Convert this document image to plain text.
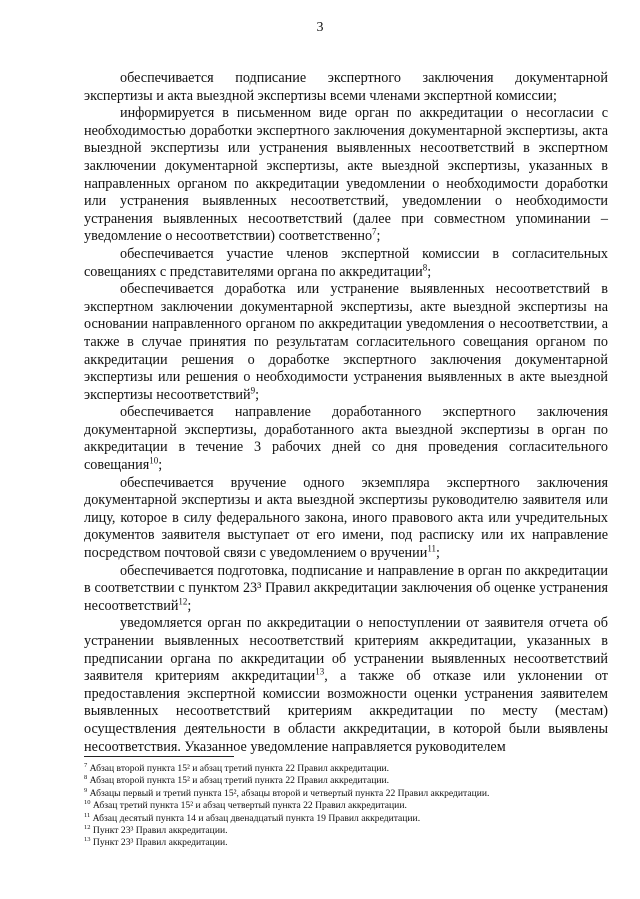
3

обеспечивается подписание экспертного заключения документарной экспертизы и акта выездной экспертизы всеми членами экспертной комиссии;

информируется в письменном виде орган по аккредитации о несогласии с необходимостью доработки экспертного заключения документарной экспертизы, акта выездной экспертизы или устранения выявленных несоответствий в экспертном заключении документарной экспертизы, акте выездной экспертизы, указанных в направленных органом по аккредитации уведомлении о необходимости доработки или устранения выявленных несоответствий, уведомлении о необходимости устранения выявленных несоответствий (далее при совместном упоминании – уведомление о несоответствии) соответственно$^7$;

обеспечивается участие членов экспертной комиссии в согласительных совещаниях с представителями органа по аккредитации$^8$;

обеспечивается доработка или устранение выявленных несоответствий в экспертном заключении документарной экспертизы, акте выездной экспертизы на основании направленного органом по аккредитации уведомления о несоответствии, а также в случае принятия по результатам согласительного совещания органом по аккредитации решения о доработке экспертного заключения документарной экспертизы или решения о необходимости устранения выявленных в акте выездной экспертизы несоответствий$^9$;

обеспечивается направление доработанного экспертного заключения документарной экспертизы, доработанного акта выездной экспертизы в орган по аккредитации в течение 3 рабочих дней со дня проведения согласительного совещания$^{10}$;

обеспечивается вручение одного экземпляра экспертного заключения документарной экспертизы и акта выездной экспертизы руководителю заявителя или лицу, которое в силу федерального закона, иного правового акта или учредительных документов заявителя выступает от его имени, под расписку или их направление посредством почтовой связи с уведомлением о вручении$^{11}$;

обеспечивается подготовка, подписание и направление в орган по аккредитации в соответствии с пунктом 23³ Правил аккредитации заключения об оценке устранения несоответствий$^{12}$;

уведомляется орган по аккредитации о непоступлении от заявителя отчета об устранении выявленных несоответствий критериям аккредитации, указанных в предписании органа по аккредитации об устранении выявленных несоответствий заявителя критериям аккредитации$^{13}$, а также об отказе или уклонении от предоставления экспертной комиссии возможности оценки устранения заявителем выявленных несоответствий критериям аккредитации по месту (местам) осуществления деятельности в области аккредитации, в которой были выявлены несоответствия. Указанное уведомление направляется руководителем

$^7$ Абзац второй пункта 15² и абзац третий пункта 22 Правил аккредитации.
$^8$ Абзац второй пункта 15² и абзац третий пункта 22 Правил аккредитации.
$^9$ Абзацы первый и третий пункта 15², абзацы второй и четвертый пункта 22 Правил аккредитации.
$^{10}$ Абзац третий пункта 15² и абзац четвертый пункта 22 Правил аккредитации.
$^{11}$ Абзац десятый пункта 14 и абзац двенадцатый пункта 19 Правил аккредитации.
$^{12}$ Пункт 23³ Правил аккредитации.
$^{13}$ Пункт 23³ Правил аккредитации.
